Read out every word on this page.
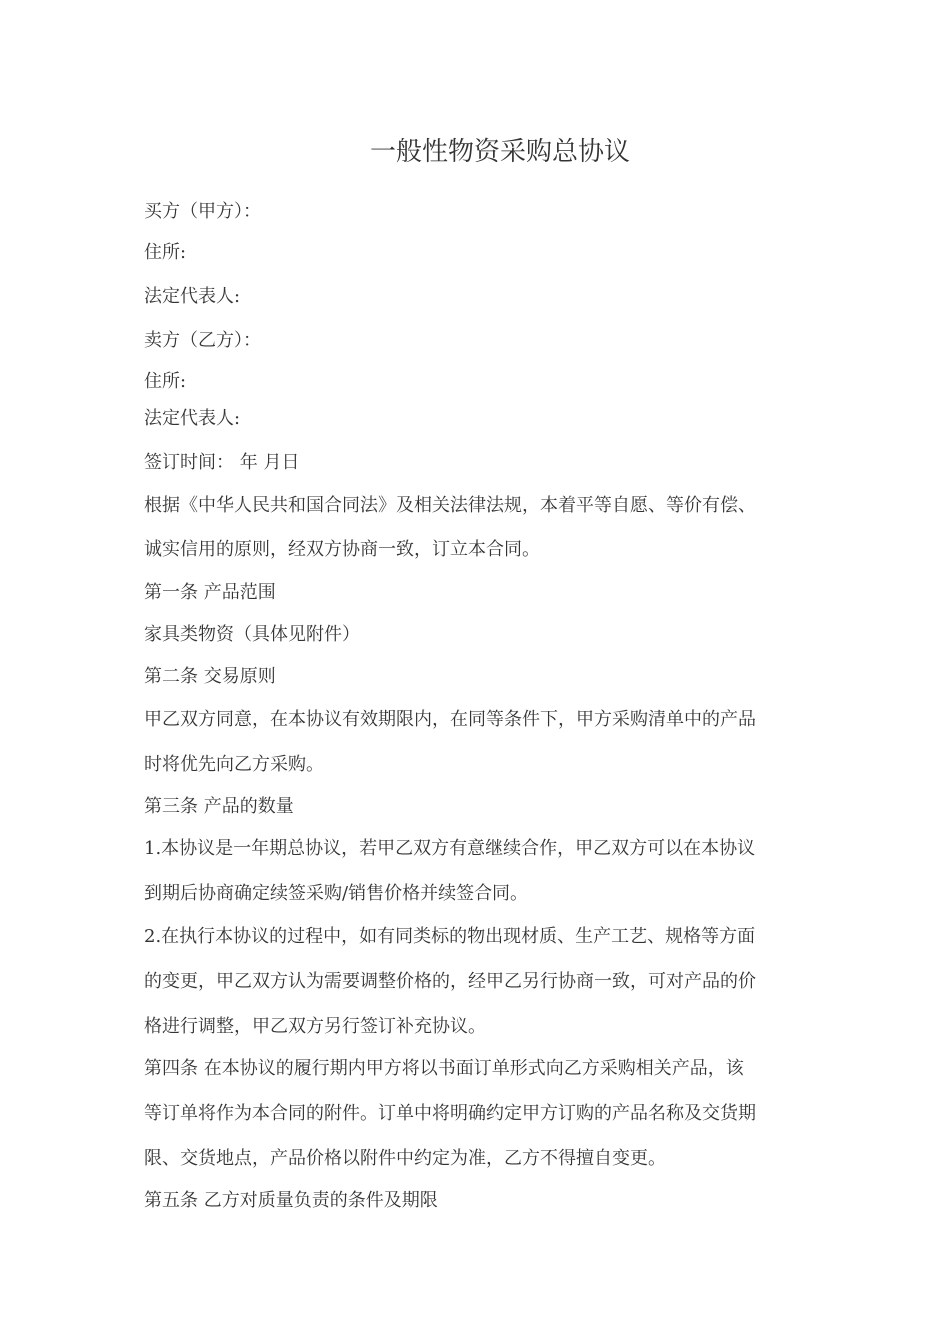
一般性物资采购总协议

买方（甲方）：

住所:

法定代表人:

卖方（乙方）：

住所:

法定代表人:

签订时间： 年 月日

根据《中华人民共和国合同法》及相关法律法规，本着平等自愿、等价有偿、

诚实信用的原则，经双方协商一致，订立本合同。

第一条 产品范围

家具类物资（具体见附件）

第二条 交易原则

甲乙双方同意，在本协议有效期限内，在同等条件下，甲方采购清单中的产品

时将优先向乙方采购。

第三条 产品的数量

1.本协议是一年期总协议，若甲乙双方有意继续合作，甲乙双方可以在本协议

到期后协商确定续签采购/销售价格并续签合同。

2.在执行本协议的过程中，如有同类标的物出现材质、生产工艺、规格等方面

的变更，甲乙双方认为需要调整价格的，经甲乙另行协商一致，可对产品的价

格进行调整，甲乙双方另行签订补充协议。

第四条 在本协议的履行期内甲方将以书面订单形式向乙方采购相关产品，该

等订单将作为本合同的附件。订单中将明确约定甲方订购的产品名称及交货期

限、交货地点，产品价格以附件中约定为准，乙方不得擅自变更。

第五条 乙方对质量负责的条件及期限
